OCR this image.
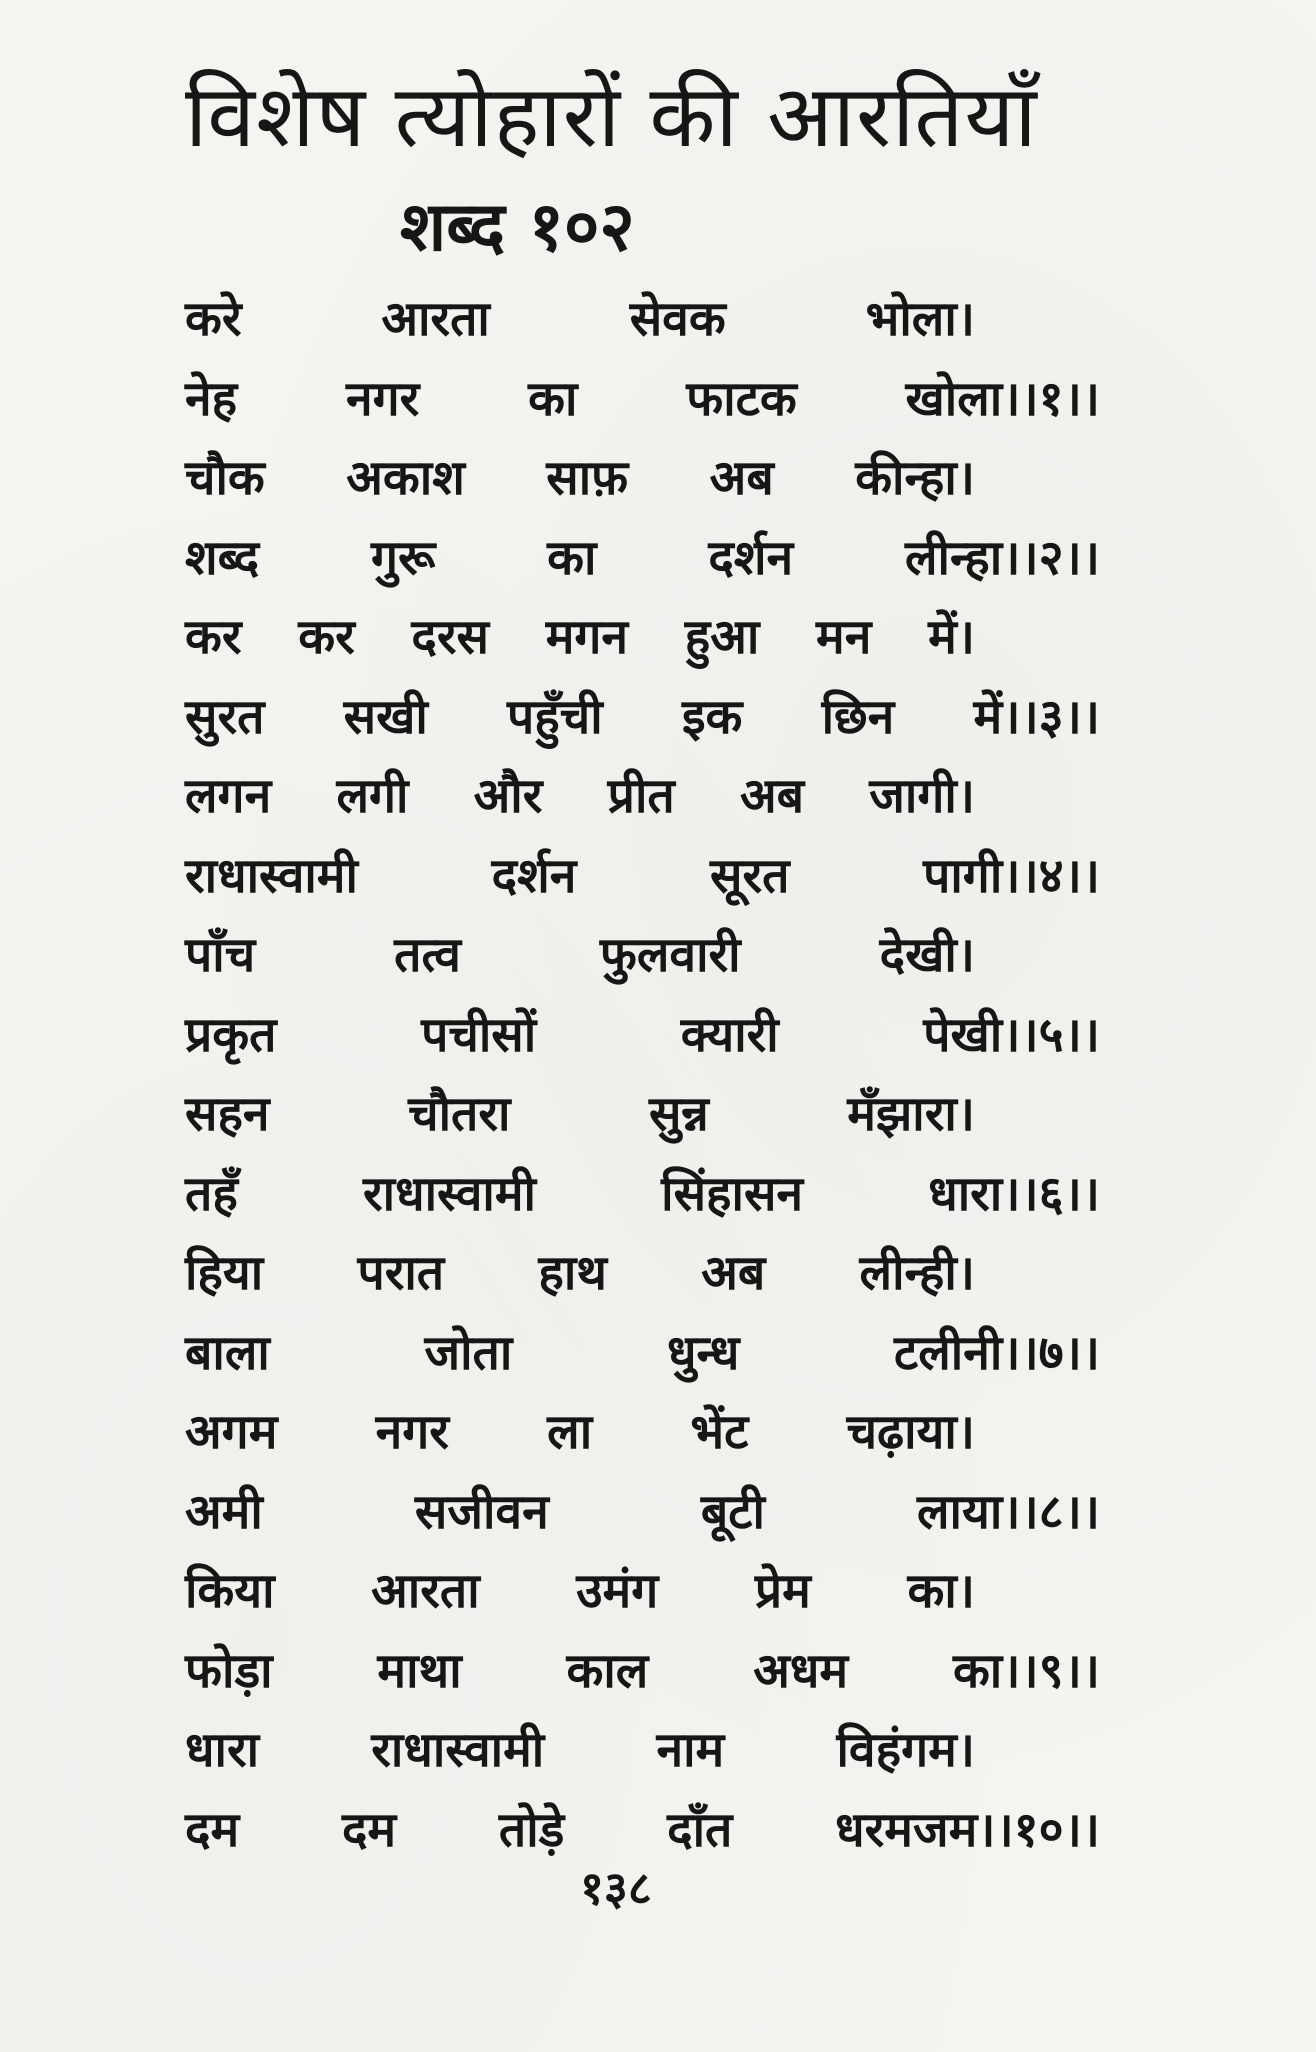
विशेष त्योहारों की आरतियाँ
शब्द १०२
करे	आरता	सेवक	भोला।
नेह नगर का फाटक खोला।।१।।
चौक अकाश साफ़ अब कीन्हा।
शब्द गुरू का दर्शन लीन्हा।।२।।
कर कर दरस मगन हुआ मन में।
सुरत सखी पहुँची इक छिन में।।३।।
लगन लगी और प्रीत अब जागी।
राधास्वामी	दर्शन	सूरत	पागी।।४।।
पाँच	तत्व	फुलवारी	देखी।
प्रकृत	पचीसों	क्यारी	पेखी।।५।।
सहन	चौतरा	सुन्न	मँझारा।
तहँ	राधास्वामी	सिंहासन	धारा।।६।।
हिया परात हाथ अब लीन्ही।
बाला	जोता	धुन्ध	टलीनी।।७।।
अगम नगर ला भेंट चढ़ाया।
अमी	सजीवन	बूटी	लाया।।८।।
किया आरता उमंग प्रेम का।
फोड़ा माथा काल अधम का।।९।।
धारा राधास्वामी नाम विहंगम।
दम दम तोड़े दाँत धरमजम।।१०।।
१३८
